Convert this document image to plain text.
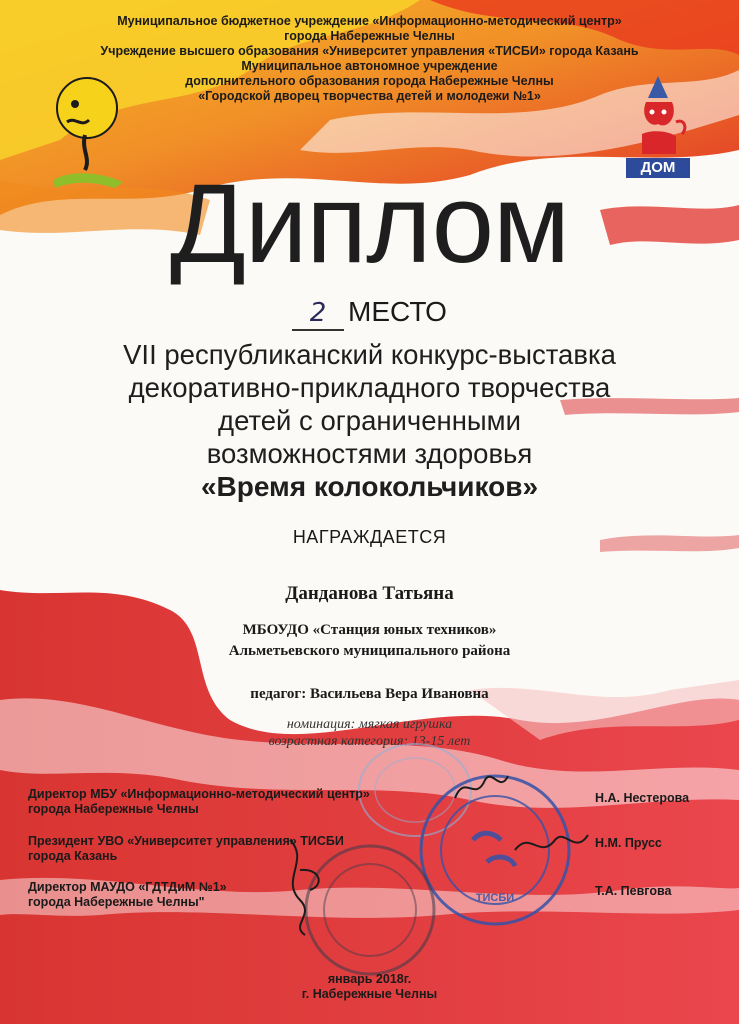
ДОМ
Муниципальное бюджетное учреждение «Информационно-методический центр»
города Набережные Челны
Учреждение высшего образования «Университет управления «ТИСБИ» города Казань
Муниципальное автономное учреждение
дополнительного образования города Набережные Челны
«Городской дворец творчества детей и молодежи №1»
Диплом
2 МЕСТО
VII республиканский конкурс-выставка
декоративно-прикладного творчества
детей с ограниченными
возможностями здоровья
«Время колокольчиков»
НАГРАЖДАЕТСЯ
Данданова Татьяна
МБОУДО «Станция юных техников»
Альметьевского муниципального района
педагог: Васильева Вера Ивановна
номинация: мягкая игрушка
возрастная категория: 13-15 лет
ТИСБИ
Директор МБУ «Информационно-методический центр»
города Набережные Челны
Н.А. Нестерова
Президент УВО «Университет управления» ТИСБИ
города Казань
Н.М. Прусс
Директор МАУДО «ГДТДиМ №1»
города Набережные Челны"
Т.А. Певгова
январь 2018г.
г. Набережные Челны
